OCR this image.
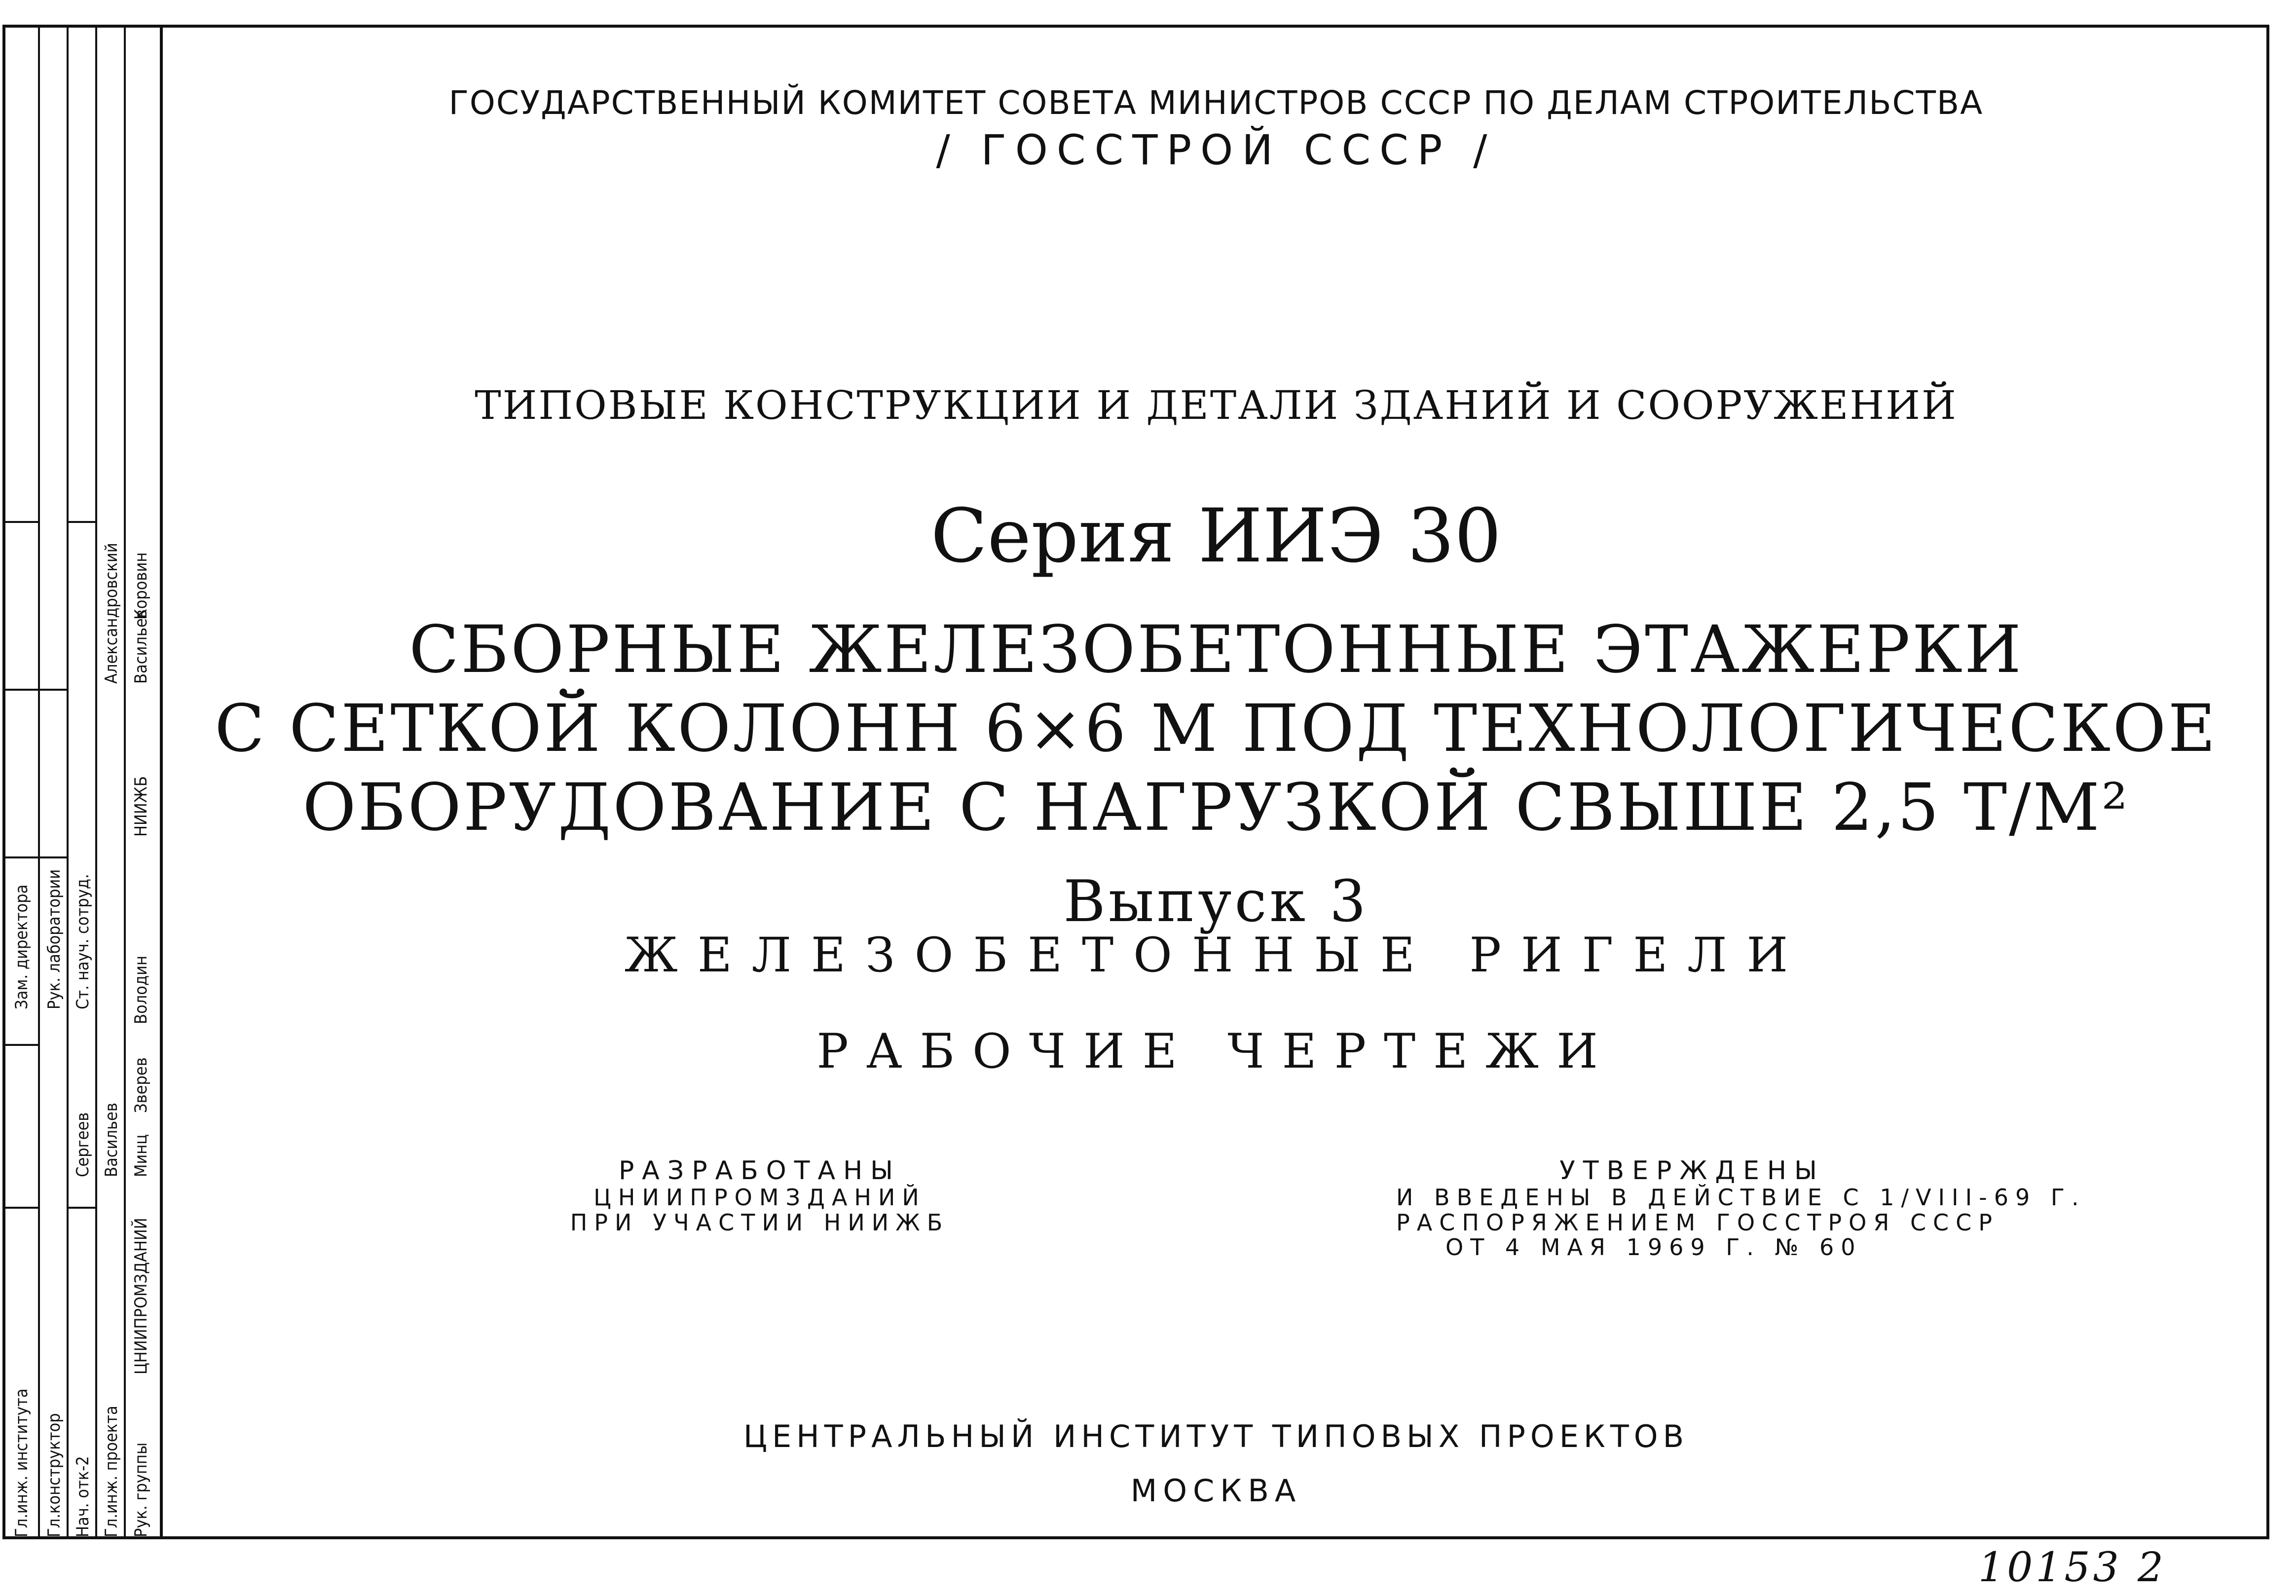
Гл.инж. института
Зам. директора
Гл.конструктор
Рук. лаборатории
Нач. отк-2
Ст. науч. сотруд.
Сергеев
Гл.инж. проекта
Васильев
Александровский
Рук. группы
Минц
Васильев
ЦНИИПРОМЗДАНИЙ
НИИЖБ
Володин
Коровин
Зверев
ГОСУДАРСТВЕННЫЙ КОМИТЕТ СОВЕТА МИНИСТРОВ СССР ПО ДЕЛАМ СТРОИТЕЛЬСТВА
/ ГОССТРОЙ СССР /
ТИПОВЫЕ КОНСТРУКЦИИ И ДЕТАЛИ ЗДАНИЙ И СООРУЖЕНИЙ
Серия ИИЭ 30
СБОРНЫЕ ЖЕЛЕЗОБЕТОННЫЕ ЭТАЖЕРКИ
С СЕТКОЙ КОЛОНН 6×6 М ПОД ТЕХНОЛОГИЧЕСКОЕ
ОБОРУДОВАНИЕ С НАГРУЗКОЙ СВЫШЕ 2,5 Т/М²
Выпуск 3
ЖЕЛЕЗОБЕТОННЫЕ РИГЕЛИ
РАБОЧИЕ ЧЕРТЕЖИ
РАЗРАБОТАНЫ
ЦНИИПРОМЗДАНИЙ
ПРИ УЧАСТИИ НИИЖБ
УТВЕРЖДЕНЫ
И ВВЕДЕНЫ В ДЕЙСТВИЕ С 1/VIII-69 Г.
РАСПОРЯЖЕНИЕМ ГОССТРОЯ СССР
ОТ 4 МАЯ 1969 Г. № 60
ЦЕНТРАЛЬНЫЙ ИНСТИТУТ ТИПОВЫХ ПРОЕКТОВ
МОСКВА
10153 2
